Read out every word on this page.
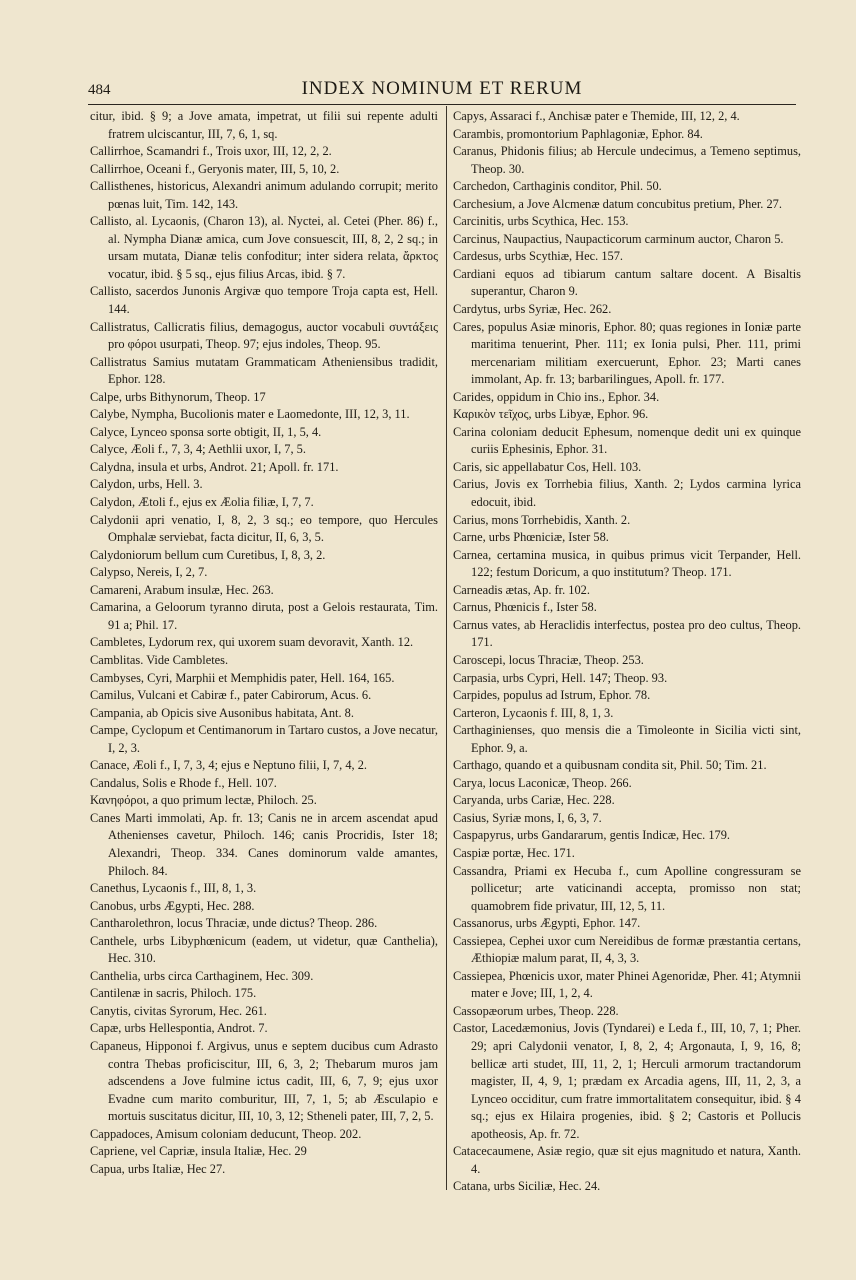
484	INDEX NOMINUM ET RERUM
citur, ibid. § 9; a Jove amata, impetrat, ut filii sui repente adulti fratrem ulciscantur, III, 7, 6, 1, sq.
Callirrhoe, Scamandri f., Trois uxor, III, 12, 2, 2.
Callirrhoe, Oceani f., Geryonis mater, III, 5, 10, 2.
Callisthenes, historicus, Alexandri animum adulando corrupit; merito pœnas luit, Tim. 142, 143.
Callisto, al. Lycaonis, (Charon 13), al. Nyctei, al. Cetei (Pher. 86) f., al. Nympha Dianæ amica, cum Jove consuescit, III, 8, 2, 2 sq.; in ursam mutata, Dianæ telis confoditur; inter sidera relata, ἄρκτος vocatur, ibid. § 5 sq., ejus filius Arcas, ibid. § 7.
Callisto, sacerdos Junonis Argivæ quo tempore Troja capta est, Hell. 144.
Callistratus, Callicratis filius, demagogus, auctor vocabuli συντάξεις pro φόροι usurpati, Theop. 97; ejus indoles, Theop. 95.
Callistratus Samius mutatam Grammaticam Atheniensibus tradidit, Ephor. 128.
Calpe, urbs Bithynorum, Theop. 17
Calybe, Nympha, Bucolionis mater e Laomedonte, III, 12, 3, 11.
Calyce, Lynceo sponsa sorte obtigit, II, 1, 5, 4.
Calyce, Æoli f., 7, 3, 4; Aethlii uxor, I, 7, 5.
Calydna, insula et urbs, Androt. 21; Apoll. fr. 171.
Calydon, urbs, Hell. 3.
Calydon, Ætoli f., ejus ex Æolia filiæ, I, 7, 7.
Calydonii apri venatio, I, 8, 2, 3 sq.; eo tempore, quo Hercules Omphalæ serviebat, facta dicitur, II, 6, 3, 5.
Calydoniorum bellum cum Curetibus, I, 8, 3, 2.
Calypso, Nereis, I, 2, 7.
Camareni, Arabum insulæ, Hec. 263.
Camarina, a Geloorum tyranno diruta, post a Gelois restaurata, Tim. 91 a; Phil. 17.
Cambletes, Lydorum rex, qui uxorem suam devoravit, Xanth. 12.
Camblitas. Vide Cambletes.
Cambyses, Cyri, Marphii et Memphidis pater, Hell. 164, 165.
Camilus, Vulcani et Cabiræ f., pater Cabirorum, Acus. 6.
Campania, ab Opicis sive Ausonibus habitata, Ant. 8.
Campe, Cyclopum et Centimanorum in Tartaro custos, a Jove necatur, I, 2, 3.
Canace, Æoli f., I, 7, 3, 4; ejus e Neptuno filii, I, 7, 4, 2.
Candalus, Solis e Rhode f., Hell. 107.
Κανηφόροι, a quo primum lectæ, Philoch. 25.
Canes Marti immolati, Ap. fr. 13; Canis ne in arcem ascendat apud Athenienses cavetur, Philoch. 146; canis Procridis, Ister 18; Alexandri, Theop. 334. Canes dominorum valde amantes, Philoch. 84.
Canethus, Lycaonis f., III, 8, 1, 3.
Canobus, urbs Ægypti, Hec. 288.
Cantharolethron, locus Thraciæ, unde dictus? Theop. 286.
Canthele, urbs Libyphœnicum (eadem, ut videtur, quæ Canthelia), Hec. 310.
Canthelia, urbs circa Carthaginem, Hec. 309.
Cantilenæ in sacris, Philoch. 175.
Canytis, civitas Syrorum, Hec. 261.
Capæ, urbs Hellespontia, Androt. 7.
Capaneus, Hipponoi f. Argivus, unus e septem ducibus cum Adrasto contra Thebas proficiscitur, III, 6, 3, 2; Thebarum muros jam adscendens a Jove fulmine ictus cadit, III, 6, 7, 9; ejus uxor Evadne cum marito comburitur, III, 7, 1, 5; ab Æsculapio e mortuis suscitatus dicitur, III, 10, 3, 12; Stheneli pater, III, 7, 2, 5.
Cappadoces, Amisum coloniam deducunt, Theop. 202.
Capriene, vel Capriæ, insula Italiæ, Hec. 29
Capua, urbs Italiæ, Hec 27.
Capys, Assaraci f., Anchisæ pater e Themide, III, 12, 2, 4.
Carambis, promontorium Paphlagoniæ, Ephor. 84.
Caranus, Phidonis filius; ab Hercule undecimus, a Temeno septimus, Theop. 30.
Carchedon, Carthaginis conditor, Phil. 50.
Carchesium, a Jove Alcmenæ datum concubitus pretium, Pher. 27.
Carcinitis, urbs Scythica, Hec. 153.
Carcinus, Naupactius, Naupacticorum carminum auctor, Charon 5.
Cardesus, urbs Scythiæ, Hec. 157.
Cardiani equos ad tibiarum cantum saltare docent. A Bisaltis superantur, Charon 9.
Cardytus, urbs Syriæ, Hec. 262.
Cares, populus Asiæ minoris, Ephor. 80; quas regiones in Ioniæ parte maritima tenuerint, Pher. 111; ex Ionia pulsi, Pher. 111, primi mercenariam militiam exercuerunt, Ephor. 23; Marti canes immolant, Ap. fr. 13; barbarilingues, Apoll. fr. 177.
Carides, oppidum in Chio ins., Ephor. 34.
Καρικὸν τεῖχος, urbs Libyæ, Ephor. 96.
Carina coloniam deducit Ephesum, nomenque dedit uni ex quinque curiis Ephesinis, Ephor. 31.
Caris, sic appellabatur Cos, Hell. 103.
Carius, Jovis ex Torrhebia filius, Xanth. 2; Lydos carmina lyrica edocuit, ibid.
Carius, mons Torrhebidis, Xanth. 2.
Carne, urbs Phœniciæ, Ister 58.
Carnea, certamina musica, in quibus primus vicit Terpander, Hell. 122; festum Doricum, a quo institutum? Theop. 171.
Carneadis ætas, Ap. fr. 102.
Carnus, Phœnicis f., Ister 58.
Carnus vates, ab Heraclidis interfectus, postea pro deo cultus, Theop. 171.
Caroscepi, locus Thraciæ, Theop. 253.
Carpasia, urbs Cypri, Hell. 147; Theop. 93.
Carpides, populus ad Istrum, Ephor. 78.
Carteron, Lycaonis f. III, 8, 1, 3.
Carthaginienses, quo mensis die a Timoleonte in Sicilia victi sint, Ephor. 9, a.
Carthago, quando et a quibusnam condita sit, Phil. 50; Tim. 21.
Carya, locus Laconicæ, Theop. 266.
Caryanda, urbs Cariæ, Hec. 228.
Casius, Syriæ mons, I, 6, 3, 7.
Caspapyrus, urbs Gandararum, gentis Indicæ, Hec. 179.
Caspiæ portæ, Hec. 171.
Cassandra, Priami ex Hecuba f., cum Apolline congressuram se pollicetur; arte vaticinandi accepta, promisso non stat; quamobrem fide privatur, III, 12, 5, 11.
Cassanorus, urbs Ægypti, Ephor. 147.
Cassiepea, Cephei uxor cum Nereidibus de formæ præstantia certans, Æthiopiæ malum parat, II, 4, 3, 3.
Cassiepea, Phœnicis uxor, mater Phinei Agenoridæ, Pher. 41; Atymnii mater e Jove; III, 1, 2, 4.
Cassopæorum urbes, Theop. 228.
Castor, Lacedæmonius, Jovis (Tyndarei) e Leda f., III, 10, 7, 1; Pher. 29; apri Calydonii venator, I, 8, 2, 4; Argonauta, I, 9, 16, 8; bellicæ arti studet, III, 11, 2, 1; Herculi armorum tractandorum magister, II, 4, 9, 1; prædam ex Arcadia agens, III, 11, 2, 3, a Lynceo occiditur, cum fratre immortalitatem consequitur, ibid. § 4 sq.; ejus ex Hilaira progenies, ibid. § 2; Castoris et Pollucis apotheosis, Ap. fr. 72.
Catacecaumene, Asiæ regio, quæ sit ejus magnitudo et natura, Xanth. 4.
Catana, urbs Siciliæ, Hec. 24.
